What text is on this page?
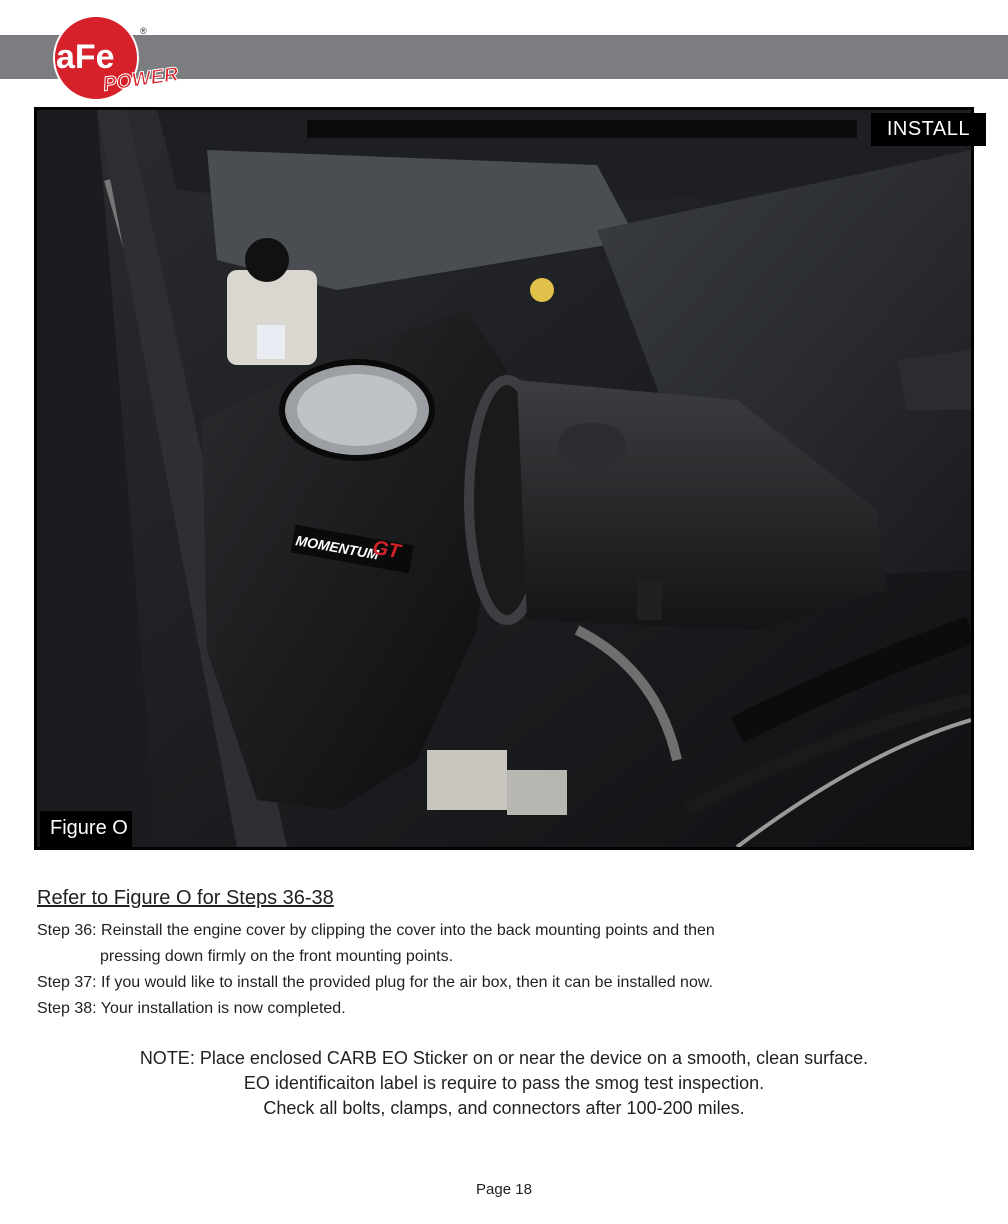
aFe
®
POWER
MOMENTUM
GT
INSTALL
Figure O
Refer to Figure O for Steps 36-38
Step 36: Reinstall the engine cover by clipping the cover into the back mounting points and then
pressing down firmly on the front mounting points.
Step 37: If you would like to install the provided plug for the air box, then it can be installed now.
Step 38: Your installation is now completed.
NOTE: Place enclosed CARB EO Sticker on or near the device on a smooth, clean surface.
EO identificaiton label is require to pass the smog test inspection.
Check all bolts, clamps, and connectors after 100-200 miles.
Page 18
